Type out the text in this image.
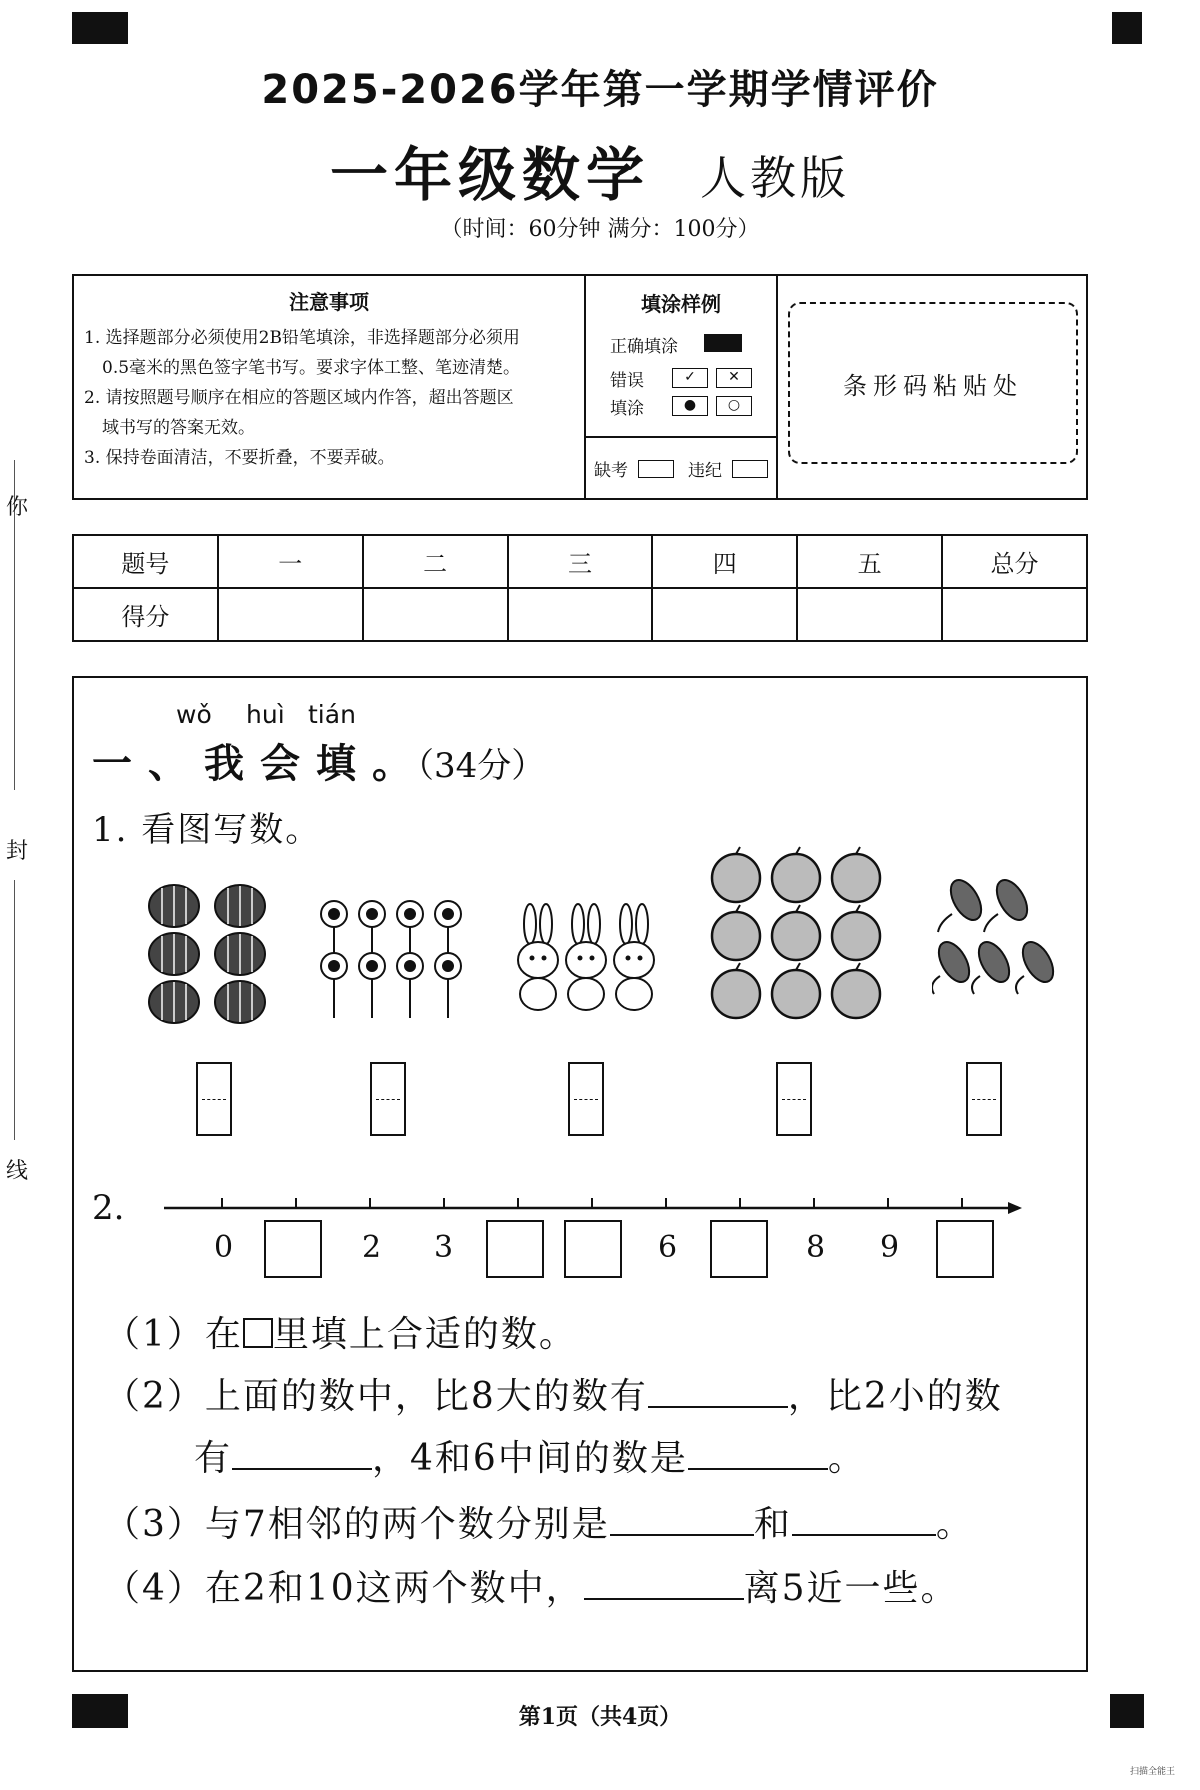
你
封
线
2025-2026学年第一学期学情评价
一年级数学 人教版
（时间：60分钟 满分：100分）
注意事项
1. 选择题部分必须使用2B铅笔填涂，非选择题部分必须用
0.5毫米的黑色签字笔书写。要求字体工整、笔迹清楚。
2. 请按照题号顺序在相应的答题区域内作答，超出答题区
域书写的答案无效。
3. 保持卷面清洁，不要折叠，不要弄破。
填涂样例
正确填涂
错误
填涂
✓	✕
●	○
缺考	违纪
条形码粘贴处
题号	一	二	三	四	五	总分
得分						
wǒ huì tián
一、我会填。
（34分）
1. 看图写数。
2.
0	2 3	6	8 9
（1）在 里填上合适的数。
（2）上面的数中，比8大的数有	，比2小的数
有	，4和6中间的数是	。
（3）与7相邻的两个数分别是	和	。
（4）在2和10这两个数中，	离5近一些。
第1页（共4页）
扫描全能王
